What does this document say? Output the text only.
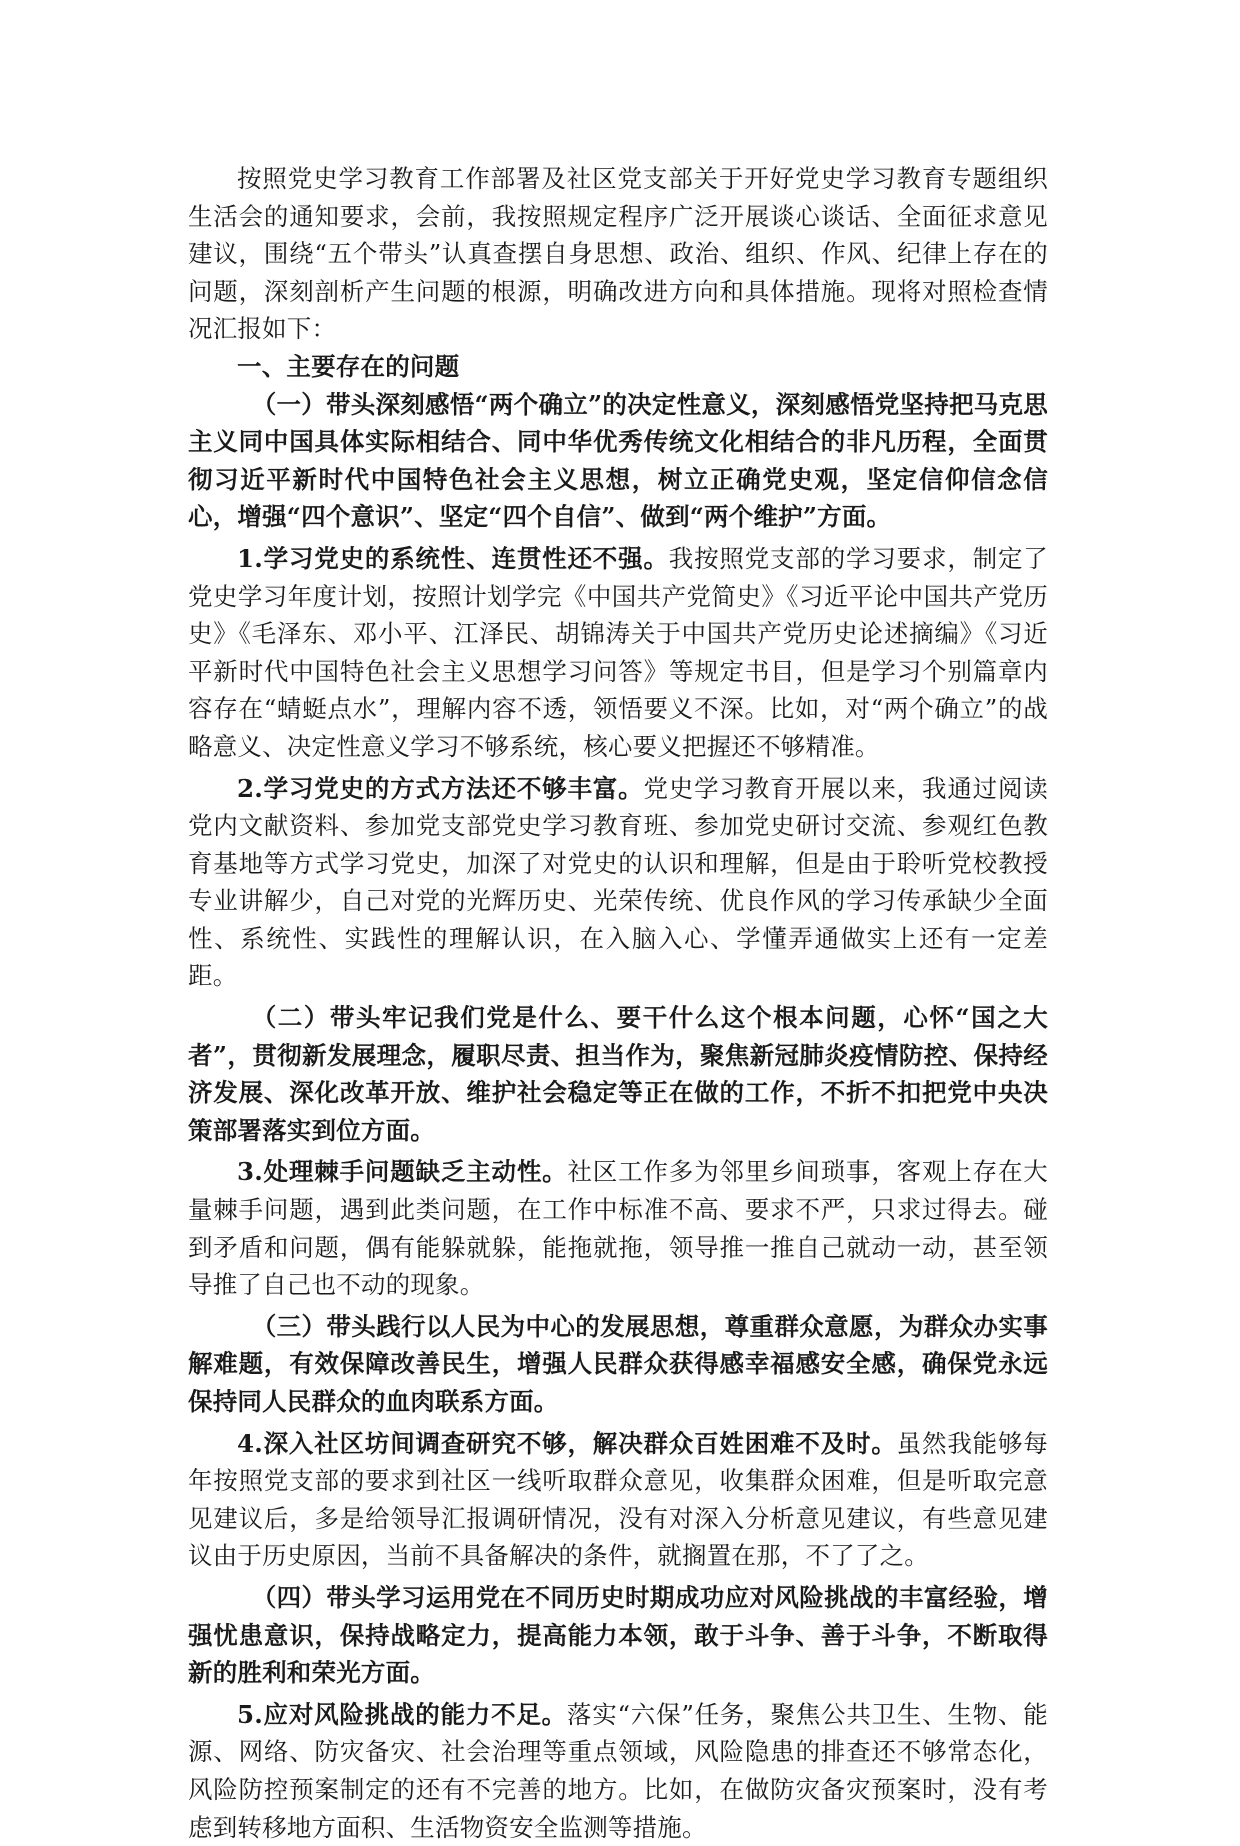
按照党史学习教育工作部署及社区党支部关于开好党史学习教育专题组织生活会的通知要求，会前，我按照规定程序广泛开展谈心谈话、全面征求意见建议，围绕“五个带头”认真查摆自身思想、政治、组织、作风、纪律上存在的问题，深刻剖析产生问题的根源，明确改进方向和具体措施。现将对照检查情况汇报如下：

一、主要存在的问题

（一）带头深刻感悟“两个确立”的决定性意义，深刻感悟党坚持把马克思主义同中国具体实际相结合、同中华优秀传统文化相结合的非凡历程，全面贯彻习近平新时代中国特色社会主义思想，树立正确党史观，坚定信仰信念信心，增强“四个意识”、坚定“四个自信”、做到“两个维护”方面。

1.学习党史的系统性、连贯性还不强。我按照党支部的学习要求，制定了党史学习年度计划，按照计划学完《中国共产党简史》《习近平论中国共产党历史》《毛泽东、邓小平、江泽民、胡锦涛关于中国共产党历史论述摘编》《习近平新时代中国特色社会主义思想学习问答》等规定书目，但是学习个别篇章内容存在“蜻蜓点水”，理解内容不透，领悟要义不深。比如，对“两个确立”的战略意义、决定性意义学习不够系统，核心要义把握还不够精准。

2.学习党史的方式方法还不够丰富。党史学习教育开展以来，我通过阅读党内文献资料、参加党支部党史学习教育班、参加党史研讨交流、参观红色教育基地等方式学习党史，加深了对党史的认识和理解，但是由于聆听党校教授专业讲解少，自己对党的光辉历史、光荣传统、优良作风的学习传承缺少全面性、系统性、实践性的理解认识，在入脑入心、学懂弄通做实上还有一定差距。

（二）带头牢记我们党是什么、要干什么这个根本问题，心怀“国之大者”，贯彻新发展理念，履职尽责、担当作为，聚焦新冠肺炎疫情防控、保持经济发展、深化改革开放、维护社会稳定等正在做的工作，不折不扣把党中央决策部署落实到位方面。

3.处理棘手问题缺乏主动性。社区工作多为邻里乡间琐事，客观上存在大量棘手问题，遇到此类问题，在工作中标准不高、要求不严，只求过得去。碰到矛盾和问题，偶有能躲就躲，能拖就拖，领导推一推自己就动一动，甚至领导推了自己也不动的现象。

（三）带头践行以人民为中心的发展思想，尊重群众意愿，为群众办实事解难题，有效保障改善民生，增强人民群众获得感幸福感安全感，确保党永远保持同人民群众的血肉联系方面。

4.深入社区坊间调查研究不够，解决群众百姓困难不及时。虽然我能够每年按照党支部的要求到社区一线听取群众意见，收集群众困难，但是听取完意见建议后，多是给领导汇报调研情况，没有对深入分析意见建议，有些意见建议由于历史原因，当前不具备解决的条件，就搁置在那，不了了之。

（四）带头学习运用党在不同历史时期成功应对风险挑战的丰富经验，增强忧患意识，保持战略定力，提高能力本领，敢于斗争、善于斗争，不断取得新的胜利和荣光方面。

5.应对风险挑战的能力不足。落实“六保”任务，聚焦公共卫生、生物、能源、网络、防灾备灾、社会治理等重点领域，风险隐患的排查还不够常态化，风险防控预案制定的还有不完善的地方。比如，在做防灾备灾预案时，没有考虑到转移地方面积、生活物资安全监测等措施。
